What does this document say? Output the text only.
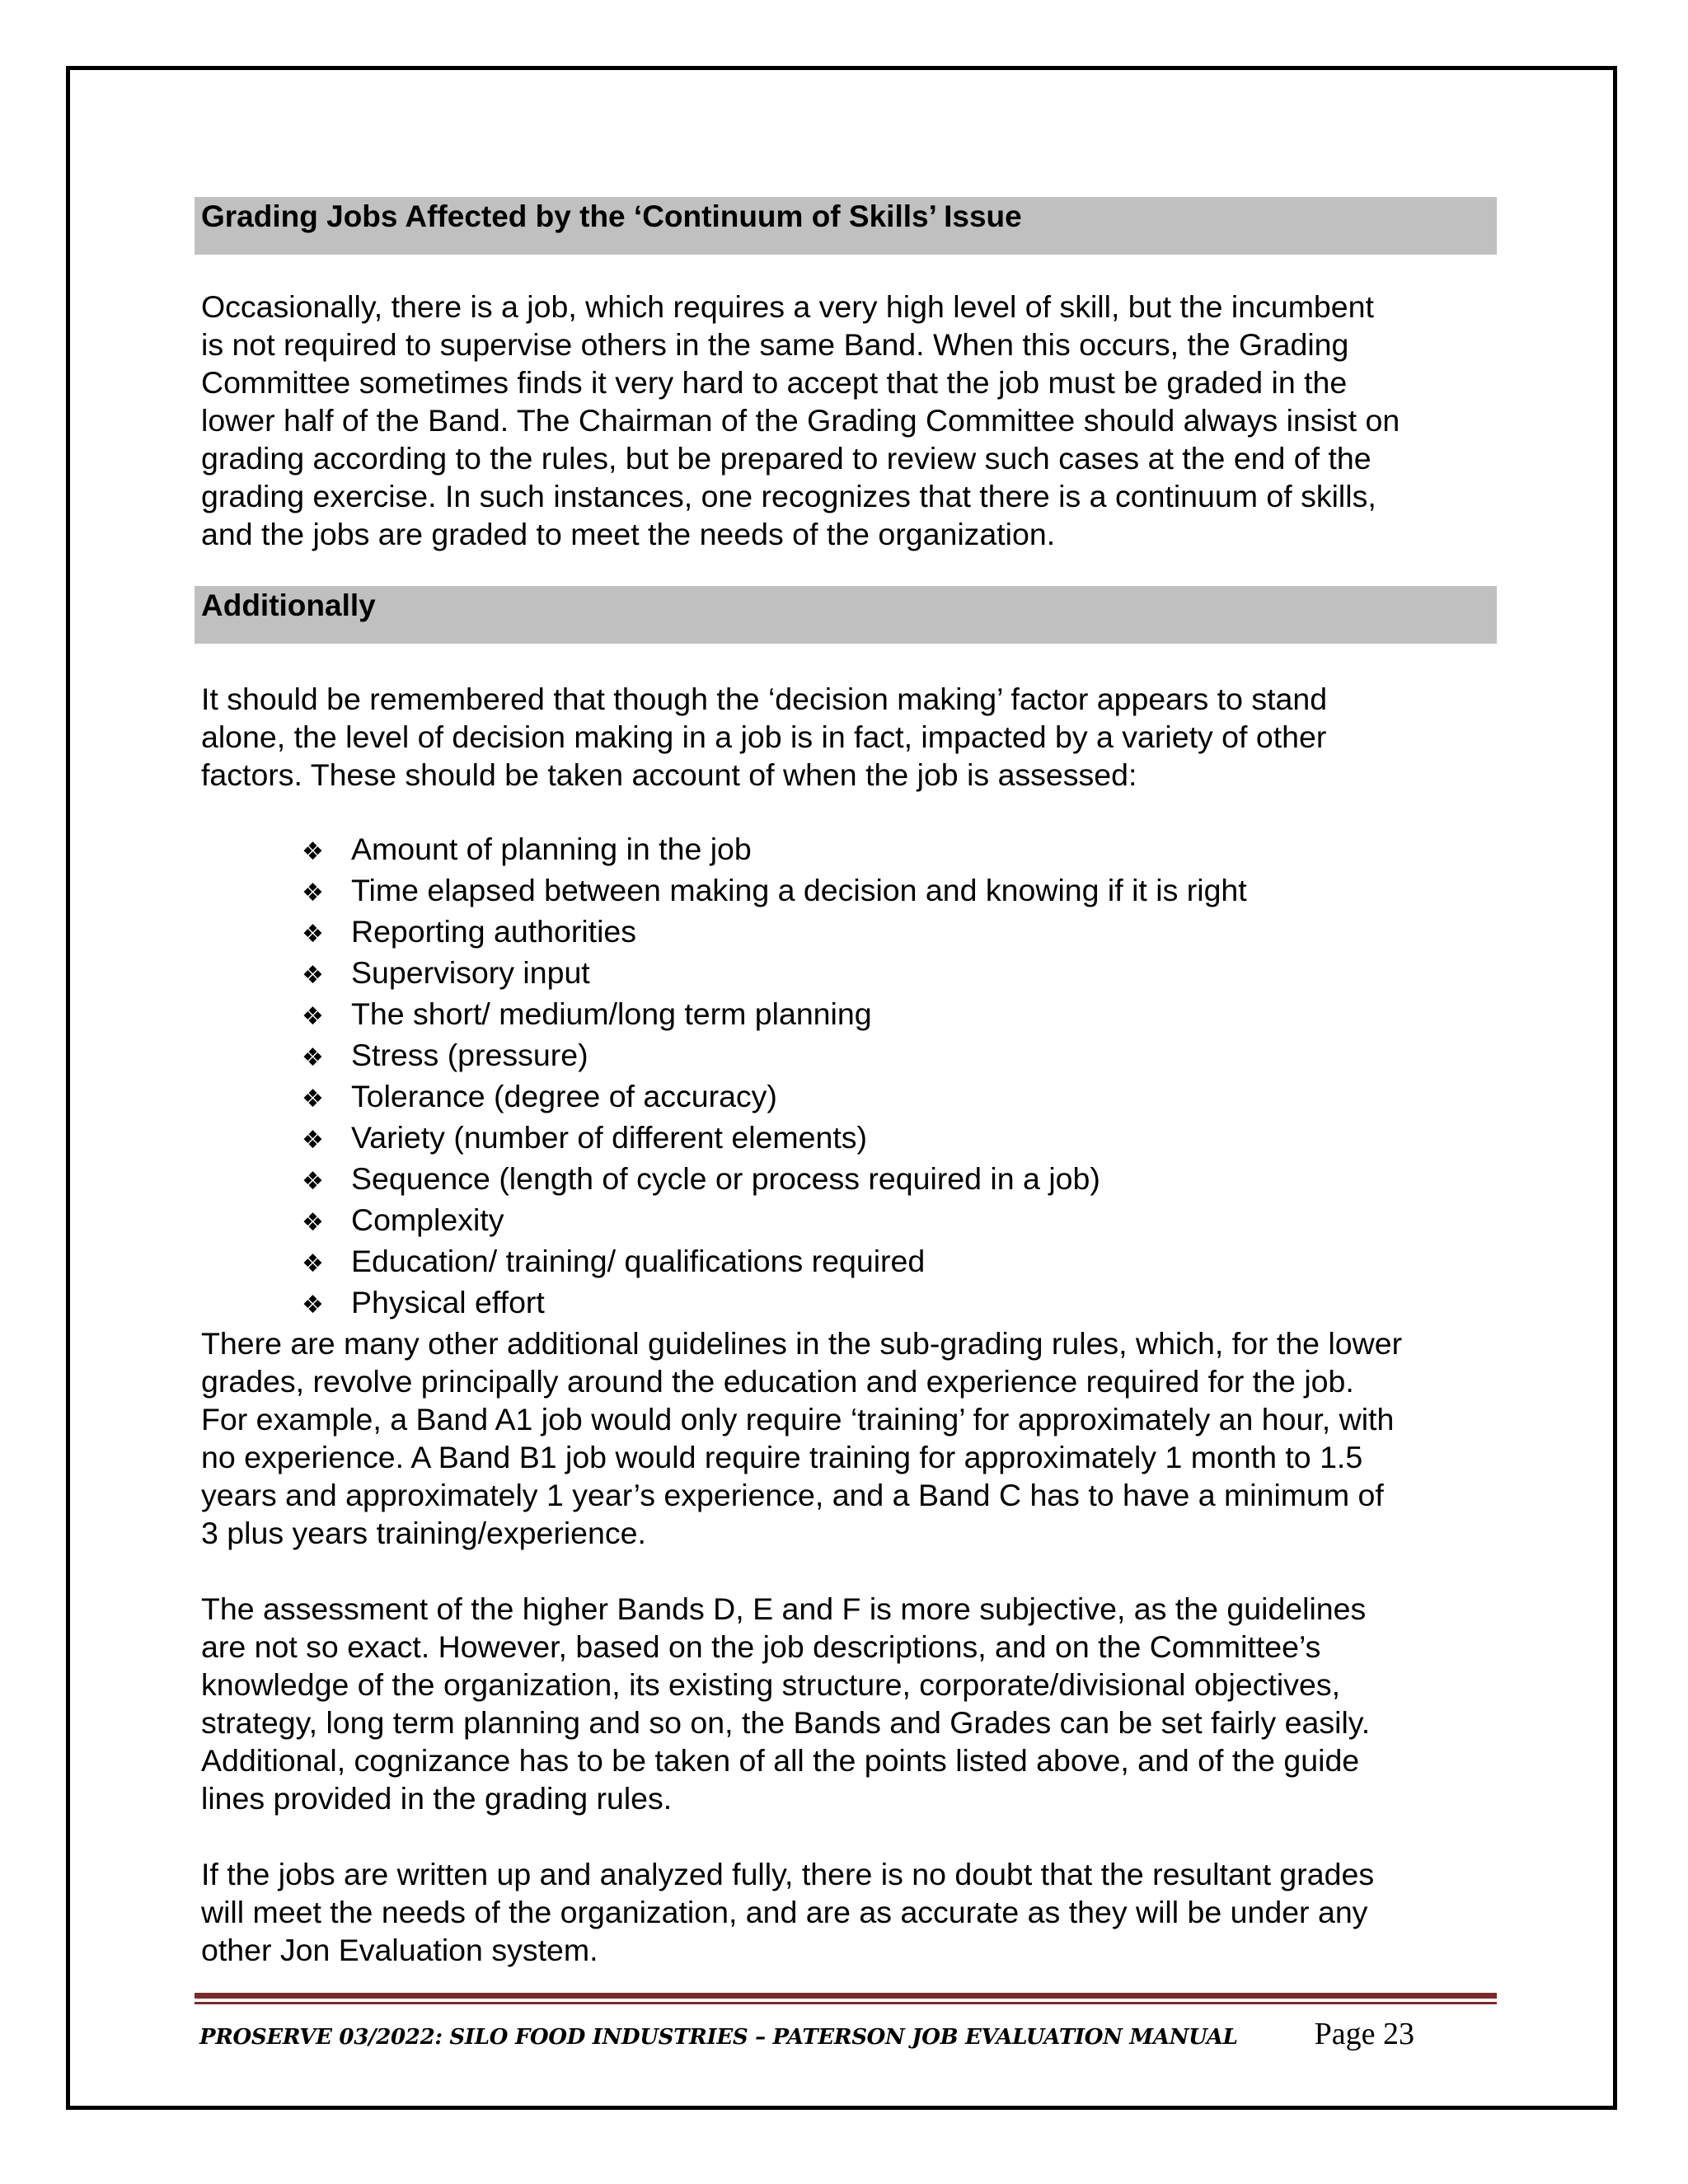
Grading Jobs Affected by the ‘Continuum of Skills’ Issue

Occasionally, there is a job, which requires a very high level of skill, but the incumbent

is not required to supervise others in the same Band. When this occurs, the Grading

Committee sometimes finds it very hard to accept that the job must be graded in the

lower half of the Band. The Chairman of the Grading Committee should always insist on

grading according to the rules, but be prepared to review such cases at the end of the

grading exercise. In such instances, one recognizes that there is a continuum of skills,

and the jobs are graded to meet the needs of the organization.

Additionally

It should be remembered that though the ‘decision making’ factor appears to stand

alone, the level of decision making in a job is in fact, impacted by a variety of other

factors. These should be taken account of when the job is assessed:

❖ Amount of planning in the job
❖ Time elapsed between making a decision and knowing if it is right
❖ Reporting authorities
❖ Supervisory input
❖ The short/ medium/long term planning
❖ Stress (pressure)
❖ Tolerance (degree of accuracy)
❖ Variety (number of different elements)
❖ Sequence (length of cycle or process required in a job)
❖ Complexity
❖ Education/ training/ qualifications required
❖ Physical effort

There are many other additional guidelines in the sub-grading rules, which, for the lower

grades, revolve principally around the education and experience required for the job.

For example, a Band A1 job would only require ‘training’ for approximately an hour, with

no experience. A Band B1 job would require training for approximately 1 month to 1.5

years and approximately 1 year’s experience, and a Band C has to have a minimum of

3 plus years training/experience.

The assessment of the higher Bands D, E and F is more subjective, as the guidelines

are not so exact. However, based on the job descriptions, and on the Committee’s

knowledge of the organization, its existing structure, corporate/divisional objectives,

strategy, long term planning and so on, the Bands and Grades can be set fairly easily.

Additional, cognizance has to be taken of all the points listed above, and of the guide

lines provided in the grading rules.

If the jobs are written up and analyzed fully, there is no doubt that the resultant grades

will meet the needs of the organization, and are as accurate as they will be under any

other Jon Evaluation system.

PROSERVE 03/2022: SILO FOOD INDUSTRIES – PATERSON JOB EVALUATION MANUAL Page 23
